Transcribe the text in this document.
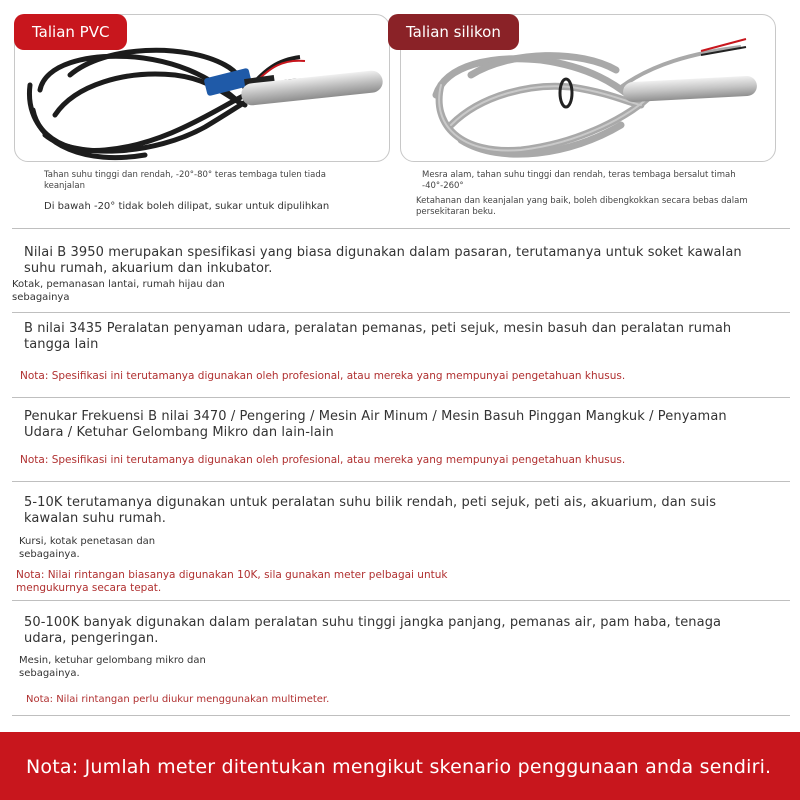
Talian PVC	Talian silikon
Tahan suhu tinggi dan rendah, -20°-80° teras tembaga tulen tiada keanjalan
Di bawah -20° tidak boleh dilipat, sukar untuk dipulihkan
Mesra alam, tahan suhu tinggi dan rendah, teras tembaga bersalut timah -40°-260°
Ketahanan dan keanjalan yang baik, boleh dibengkokkan secara bebas dalam persekitaran beku.
Nilai B 3950 merupakan spesifikasi yang biasa digunakan dalam pasaran, terutamanya untuk soket kawalan suhu rumah, akuarium dan inkubator.
Kotak, pemanasan lantai, rumah hijau dan sebagainya
B nilai 3435 Peralatan penyaman udara, peralatan pemanas, peti sejuk, mesin basuh dan peralatan rumah tangga lain
Nota: Spesifikasi ini terutamanya digunakan oleh profesional, atau mereka yang mempunyai pengetahuan khusus.
Penukar Frekuensi B nilai 3470 / Pengering / Mesin Air Minum / Mesin Basuh Pinggan Mangkuk / Penyaman Udara / Ketuhar Gelombang Mikro dan lain-lain
Nota: Spesifikasi ini terutamanya digunakan oleh profesional, atau mereka yang mempunyai pengetahuan khusus.
5-10K terutamanya digunakan untuk peralatan suhu bilik rendah, peti sejuk, peti ais, akuarium, dan suis kawalan suhu rumah.
Kursi, kotak penetasan dan sebagainya.
Nota: Nilai rintangan biasanya digunakan 10K, sila gunakan meter pelbagai untuk mengukurnya secara tepat.
50-100K banyak digunakan dalam peralatan suhu tinggi jangka panjang, pemanas air, pam haba, tenaga udara, pengeringan.
Mesin, ketuhar gelombang mikro dan sebagainya.
Nota: Nilai rintangan perlu diukur menggunakan multimeter.
Nota: Jumlah meter ditentukan mengikut skenario penggunaan anda sendiri.
